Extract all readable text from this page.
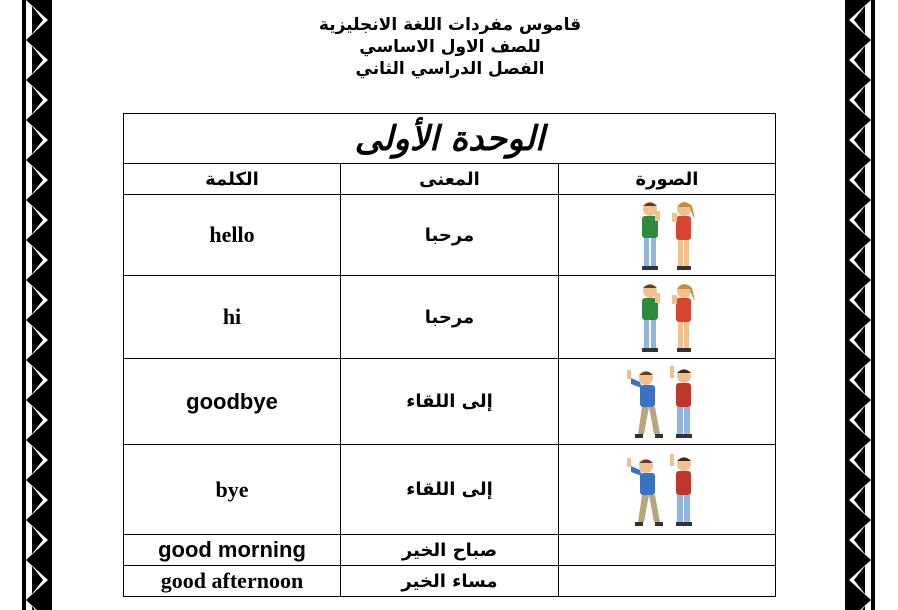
قاموس مفردات اللغة الانجليزية
للصف الاول الاساسي
الفصل الدراسي الثاني
الوحدة الأولى		
الكلمة	المعنى	الصورة
hello	مرحبا	

hi	مرحبا	

goodbye	إلى اللقاء	

bye	إلى اللقاء	

good morning	صباح الخير	
good afternoon	مساء الخير	
